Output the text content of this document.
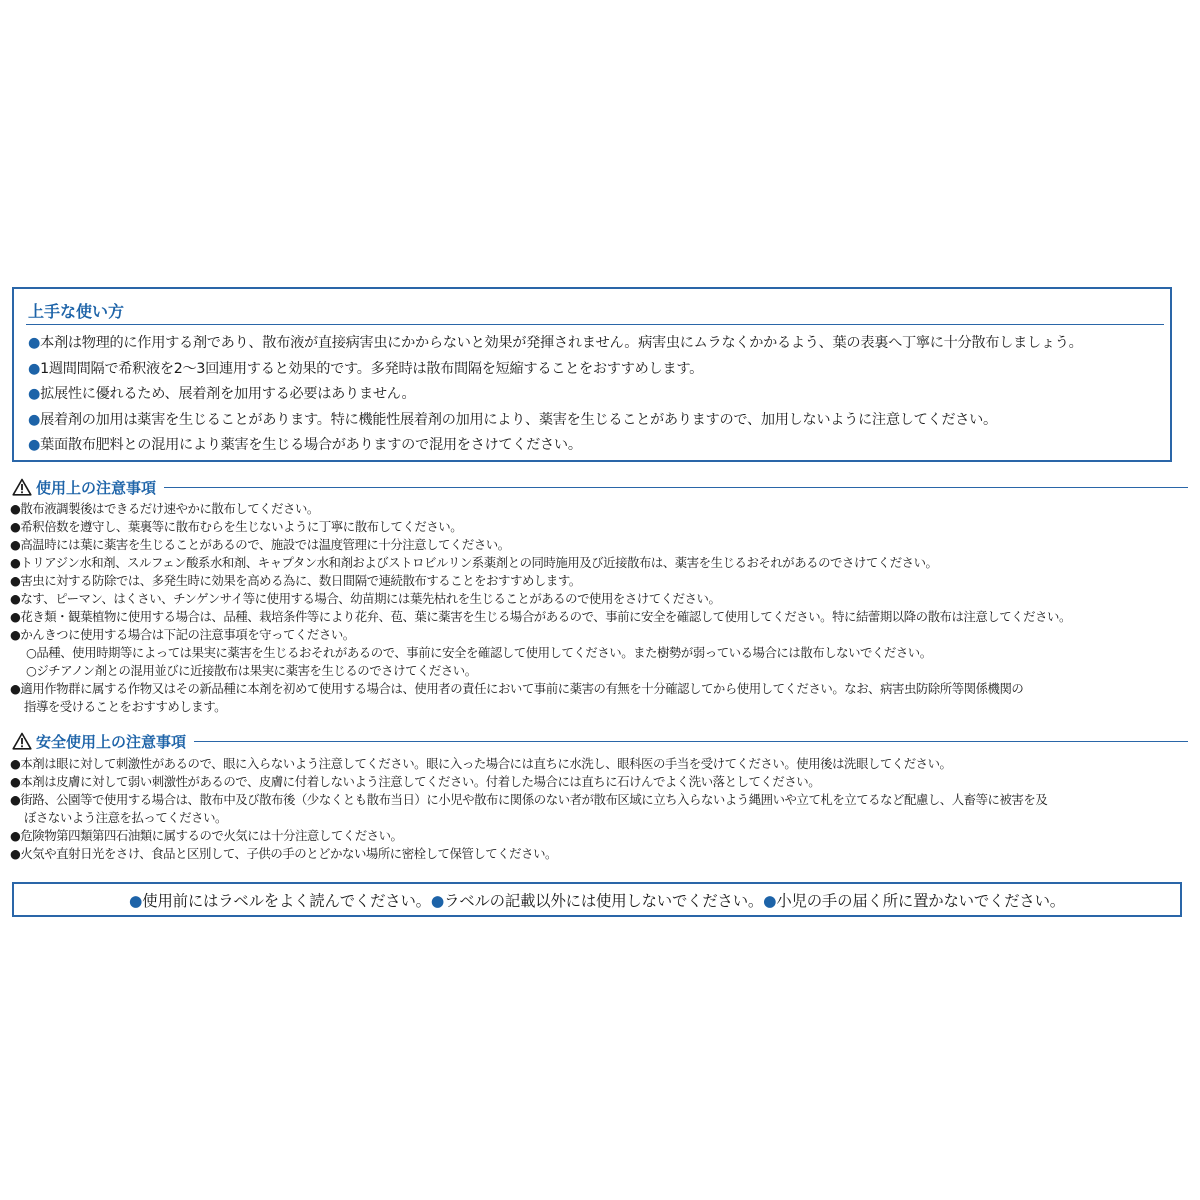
上手な使い方
●本剤は物理的に作用する剤であり、散布液が直接病害虫にかからないと効果が発揮されません。病害虫にムラなくかかるよう、葉の表裏へ丁寧に十分散布しましょう。
●1週間間隔で希釈液を2〜3回連用すると効果的です。多発時は散布間隔を短縮することをおすすめします。
●拡展性に優れるため、展着剤を加用する必要はありません。
●展着剤の加用は薬害を生じることがあります。特に機能性展着剤の加用により、薬害を生じることがありますので、加用しないように注意してください。
●葉面散布肥料との混用により薬害を生じる場合がありますので混用をさけてください。
使用上の注意事項
●散布液調製後はできるだけ速やかに散布してください。
●希釈倍数を遵守し、葉裏等に散布むらを生じないように丁寧に散布してください。
●高温時には葉に薬害を生じることがあるので、施設では温度管理に十分注意してください。
●トリアジン水和剤、スルフェン酸系水和剤、キャプタン水和剤およびストロビルリン系薬剤との同時施用及び近接散布は、薬害を生じるおそれがあるのでさけてください。
●害虫に対する防除では、多発生時に効果を高める為に、数日間隔で連続散布することをおすすめします。
●なす、ピーマン、はくさい、チンゲンサイ等に使用する場合、幼苗期には葉先枯れを生じることがあるので使用をさけてください。
●花き類・観葉植物に使用する場合は、品種、栽培条件等により花弁、苞、葉に薬害を生じる場合があるので、事前に安全を確認して使用してください。特に結蕾期以降の散布は注意してください。
●かんきつに使用する場合は下記の注意事項を守ってください。
○品種、使用時期等によっては果実に薬害を生じるおそれがあるので、事前に安全を確認して使用してください。また樹勢が弱っている場合には散布しないでください。
○ジチアノン剤との混用並びに近接散布は果実に薬害を生じるのでさけてください。
●適用作物群に属する作物又はその新品種に本剤を初めて使用する場合は、使用者の責任において事前に薬害の有無を十分確認してから使用してください。なお、病害虫防除所等関係機関の
指導を受けることをおすすめします。
安全使用上の注意事項
●本剤は眼に対して刺激性があるので、眼に入らないよう注意してください。眼に入った場合には直ちに水洗し、眼科医の手当を受けてください。使用後は洗眼してください。
●本剤は皮膚に対して弱い刺激性があるので、皮膚に付着しないよう注意してください。付着した場合には直ちに石けんでよく洗い落としてください。
●街路、公園等で使用する場合は、散布中及び散布後（少なくとも散布当日）に小児や散布に関係のない者が散布区域に立ち入らないよう縄囲いや立て札を立てるなど配慮し、人畜等に被害を及
ぼさないよう注意を払ってください。
●危険物第四類第四石油類に属するので火気には十分注意してください。
●火気や直射日光をさけ、食品と区別して、子供の手のとどかない場所に密栓して保管してください。
●使用前にはラベルをよく読んでください。●ラベルの記載以外には使用しないでください。●小児の手の届く所に置かないでください。
